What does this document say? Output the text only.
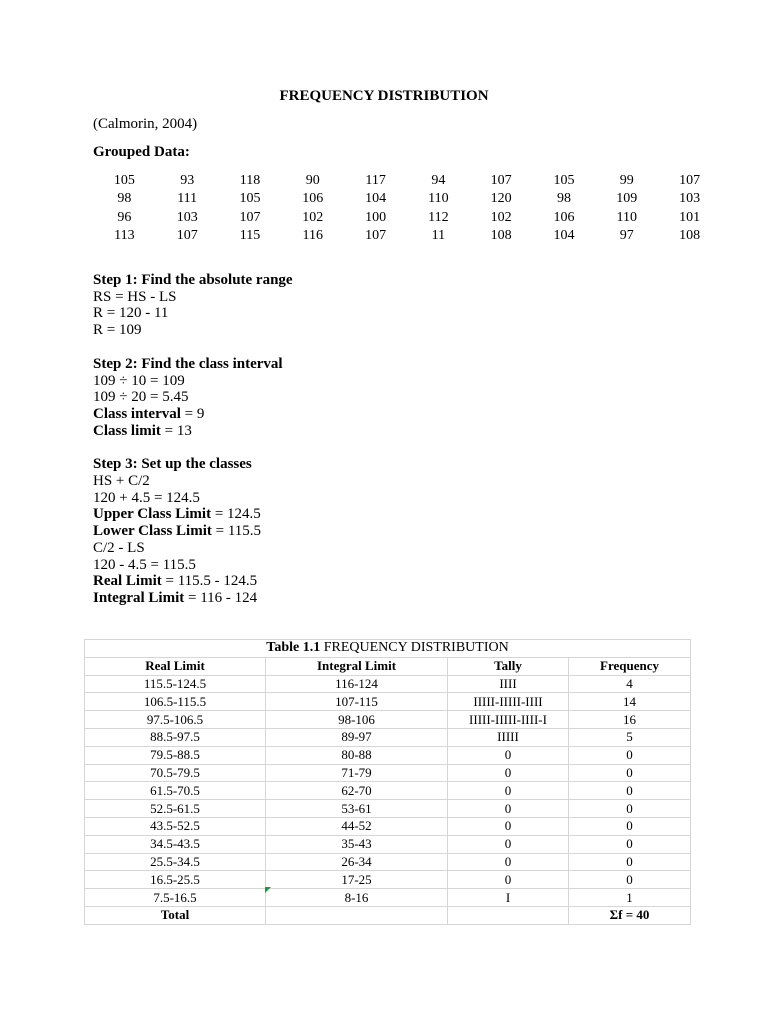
FREQUENCY DISTRIBUTION
(Calmorin, 2004)
Grouped Data:
105	93	118	90	117	94	107	105	99	107
98	111	105	106	104	110	120	98	109	103
96	103	107	102	100	112	102	106	110	101
113	107	115	116	107	11	108	104	97	108
Step 1: Find the absolute range
RS = HS - LS
R = 120 - 11
R = 109
Step 2: Find the class interval
109 ÷ 10 = 109
109 ÷ 20 = 5.45
Class interval = 9
Class limit = 13
Step 3: Set up the classes
HS + C/2
120 + 4.5 = 124.5
Upper Class Limit = 124.5
Lower Class Limit = 115.5
C/2 - LS
120 - 4.5 = 115.5
Real Limit = 115.5 - 124.5
Integral Limit = 116 - 124
Table 1.1 FREQUENCY DISTRIBUTION			
Real Limit	Integral Limit	Tally	Frequency
115.5-124.5	116-124	IIII	4
106.5-115.5	107-115	IIIII-IIIII-IIII	14
97.5-106.5	98-106	IIIII-IIIII-IIII-I	16
88.5-97.5	89-97	IIIII	5
79.5-88.5	80-88	0	0
70.5-79.5	71-79	0	0
61.5-70.5	62-70	0	0
52.5-61.5	53-61	0	0
43.5-52.5	44-52	0	0
34.5-43.5	35-43	0	0
25.5-34.5	26-34	0	0
16.5-25.5	17-25	0	0
7.5-16.5	8-16	I	1
Total			Σf = 40
